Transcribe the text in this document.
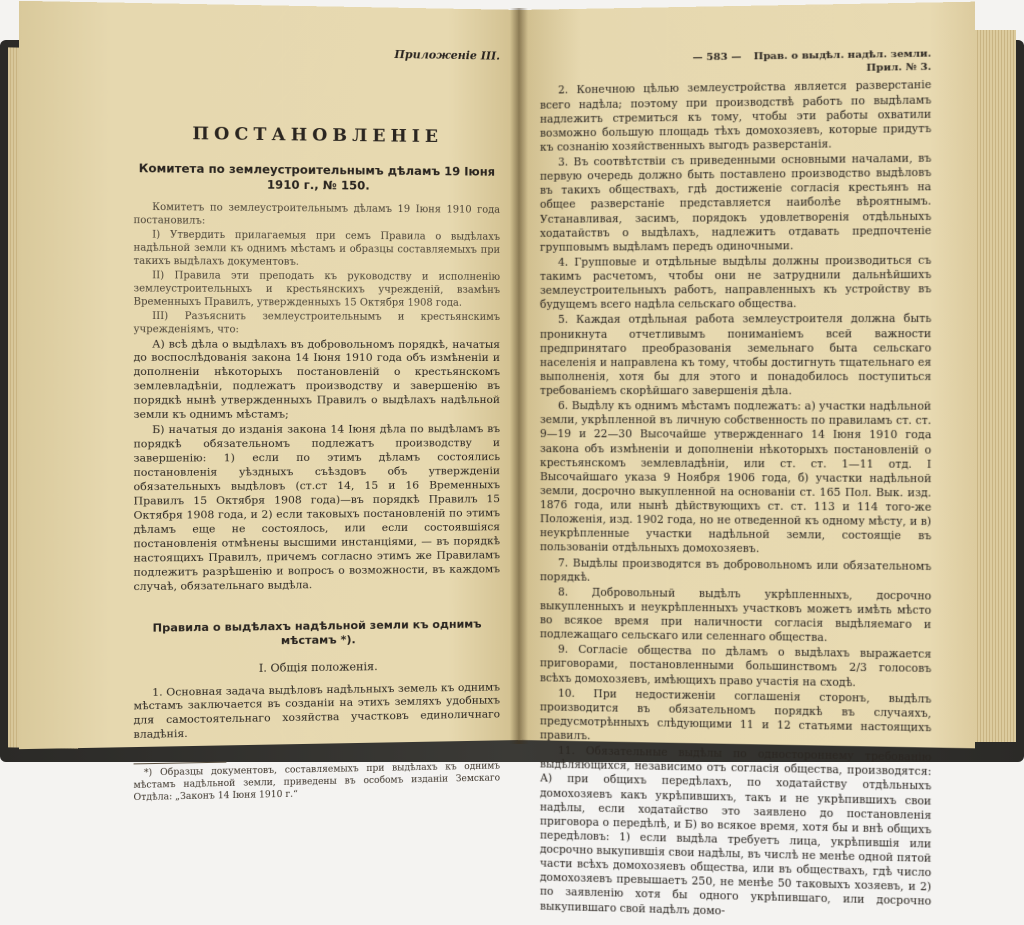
Приложенiе III.
ПОСТАНОВЛЕНIЕ
Комитета по землеустроительнымъ дѣламъ 19 Iюня 1910 г., № 150.

Комитетъ по землеустроительнымъ дѣламъ 19 Iюня 1910 года постановилъ:

I) Утвердить прилагаемыя при семъ Правила о выдѣлахъ надѣльной земли къ однимъ мѣстамъ и образцы составляемыхъ при такихъ выдѣлахъ документовъ.

II) Правила эти преподать къ руководству и исполненiю землеустроительныхъ и крестьянскихъ учрежденiй, взамѣнъ Временныхъ Правилъ, утвержденныхъ 15 Октября 1908 года.

III) Разъяснить землеустроительнымъ и крестьянскимъ учрежденiямъ, что:

А) всѣ дѣла о выдѣлахъ въ добровольномъ порядкѣ, начатыя до воспослѣдованiя закона 14 Iюня 1910 года объ измѣненiи и дополненiи нѣкоторыхъ постановленiй о крестьянскомъ землевладѣнiи, подлежатъ производству и завершенiю въ порядкѣ нынѣ утвержденныхъ Правилъ о выдѣлахъ надѣльной земли къ однимъ мѣстамъ;

Б) начатыя до изданiя закона 14 Iюня дѣла по выдѣламъ въ порядкѣ обязательномъ подлежатъ производству и завершенiю: 1) если по этимъ дѣламъ состоялись постановленiя уѣздныхъ съѣздовъ объ утвержденiи обязательныхъ выдѣловъ (ст.ст 14, 15 и 16 Временныхъ Правилъ 15 Октября 1908 года)—въ порядкѣ Правилъ 15 Октября 1908 года, и 2) если таковыхъ постановленiй по этимъ дѣламъ еще не состоялось, или если состоявшiяся постановленiя отмѣнены высшими инстанцiями, — въ порядкѣ настоящихъ Правилъ, причемъ согласно этимъ же Правиламъ подлежитъ разрѣшенiю и вопросъ о возможности, въ каждомъ случаѣ, обязательнаго выдѣла.

Правила о выдѣлахъ надѣльной земли къ однимъ мѣстамъ *).
I. Общiя положенiя.

1. Основная задача выдѣловъ надѣльныхъ земель къ однимъ мѣстамъ заключается въ созданiи на этихъ земляхъ удобныхъ для самостоятельнаго хозяйства участковъ единоличнаго владѣнiя.

*) Образцы документовъ, составляемыхъ при выдѣлахъ къ однимъ мѣстамъ надѣльной земли, приведены въ особомъ изданiи Земскаго Отдѣла: „Законъ 14 Iюня 1910 г.“

— 583 — Прав. о выдѣл. надѣл. земли.
Прил. № 3.

2. Конечною цѣлью землеустройства является разверстанiе всего надѣла; поэтому при производствѣ работъ по выдѣламъ надлежитъ стремиться къ тому, чтобы эти работы охватили возможно большую площадь тѣхъ домохозяевъ, которые придутъ къ сознанiю хозяйственныхъ выгодъ разверстанiя.

3. Въ соотвѣтствiи съ приведенными основными началами, въ первую очередь должно быть поставлено производство выдѣловъ въ такихъ обществахъ, гдѣ достиженiе согласiя крестьянъ на общее разверстанiе представляется наиболѣе вѣроятнымъ. Устанавливая, засимъ, порядокъ удовлетворенiя отдѣльныхъ ходатайствъ о выдѣлахъ, надлежитъ отдавать предпочтенiе групповымъ выдѣламъ передъ одиночными.

4. Групповые и отдѣльные выдѣлы должны производиться съ такимъ расчетомъ, чтобы они не затруднили дальнѣйшихъ землеустроительныхъ работъ, направленныхъ къ устройству въ будущемъ всего надѣла сельскаго общества.

5. Каждая отдѣльная работа землеустроителя должна быть проникнута отчетливымъ пониманiемъ всей важности предпринятаго преобразованiя земельнаго быта сельскаго населенiя и направлена къ тому, чтобы достигнуть тщательнаго ея выполненiя, хотя бы для этого и понадобилось поступиться требованiемъ скорѣйшаго завершенiя дѣла.

6. Выдѣлу къ однимъ мѣстамъ подлежатъ: а) участки надѣльной земли, укрѣпленной въ личную собственность по правиламъ ст. ст. 9—19 и 22—30 Высочайше утвержденнаго 14 Iюня 1910 года закона объ измѣненiи и дополненiи нѣкоторыхъ постановленiй о крестьянскомъ землевладѣнiи, или ст. ст. 1—11 отд. I Высочайшаго указа 9 Ноября 1906 года, б) участки надѣльной земли, досрочно выкупленной на основанiи ст. 165 Пол. Вык. изд. 1876 года, или нынѣ дѣйствующихъ ст. ст. 113 и 114 того-же Положенiя, изд. 1902 года, но не отведенной къ одному мѣсту, и в) неукрѣпленные участки надѣльной земли, состоящiе въ пользованiи отдѣльныхъ домохозяевъ.

7. Выдѣлы производятся въ добровольномъ или обязательномъ порядкѣ.

8. Добровольный выдѣлъ укрѣпленныхъ, досрочно выкупленныхъ и неукрѣпленныхъ участковъ можетъ имѣть мѣсто во всякое время при наличности согласiя выдѣляемаго и подлежащаго сельскаго или селеннаго общества.

9. Согласiе общества по дѣламъ о выдѣлахъ выражается приговорами, постановленными большинствомъ 2/3 голосовъ всѣхъ домохозяевъ, имѣющихъ право участiя на сходѣ.

10. При недостиженiи соглашенiя сторонъ, выдѣлъ производится въ обязательномъ порядкѣ въ случаяхъ, предусмотрѣнныхъ слѣдующими 11 и 12 статьями настоящихъ правилъ.

11. Обязательные выдѣлы по одностороннему требованiю выдѣляющихся, независимо отъ согласiя общества, производятся: А) при общихъ передѣлахъ, по ходатайству отдѣльныхъ домохозяевъ какъ укрѣпившихъ, такъ и не укрѣпившихъ свои надѣлы, если ходатайство это заявлено до постановленiя приговора о передѣлѣ, и Б) во всякое время, хотя бы и внѣ общихъ передѣловъ: 1) если выдѣла требуетъ лица, укрѣпившiя или досрочно выкупившiя свои надѣлы, въ числѣ не менѣе одной пятой части всѣхъ домохозяевъ общества, или въ обществахъ, гдѣ число домохозяевъ превышаетъ 250, не менѣе 50 таковыхъ хозяевъ, и 2) по заявленiю хотя бы одного укрѣпившаго, или досрочно выкупившаго свой надѣлъ домо-
